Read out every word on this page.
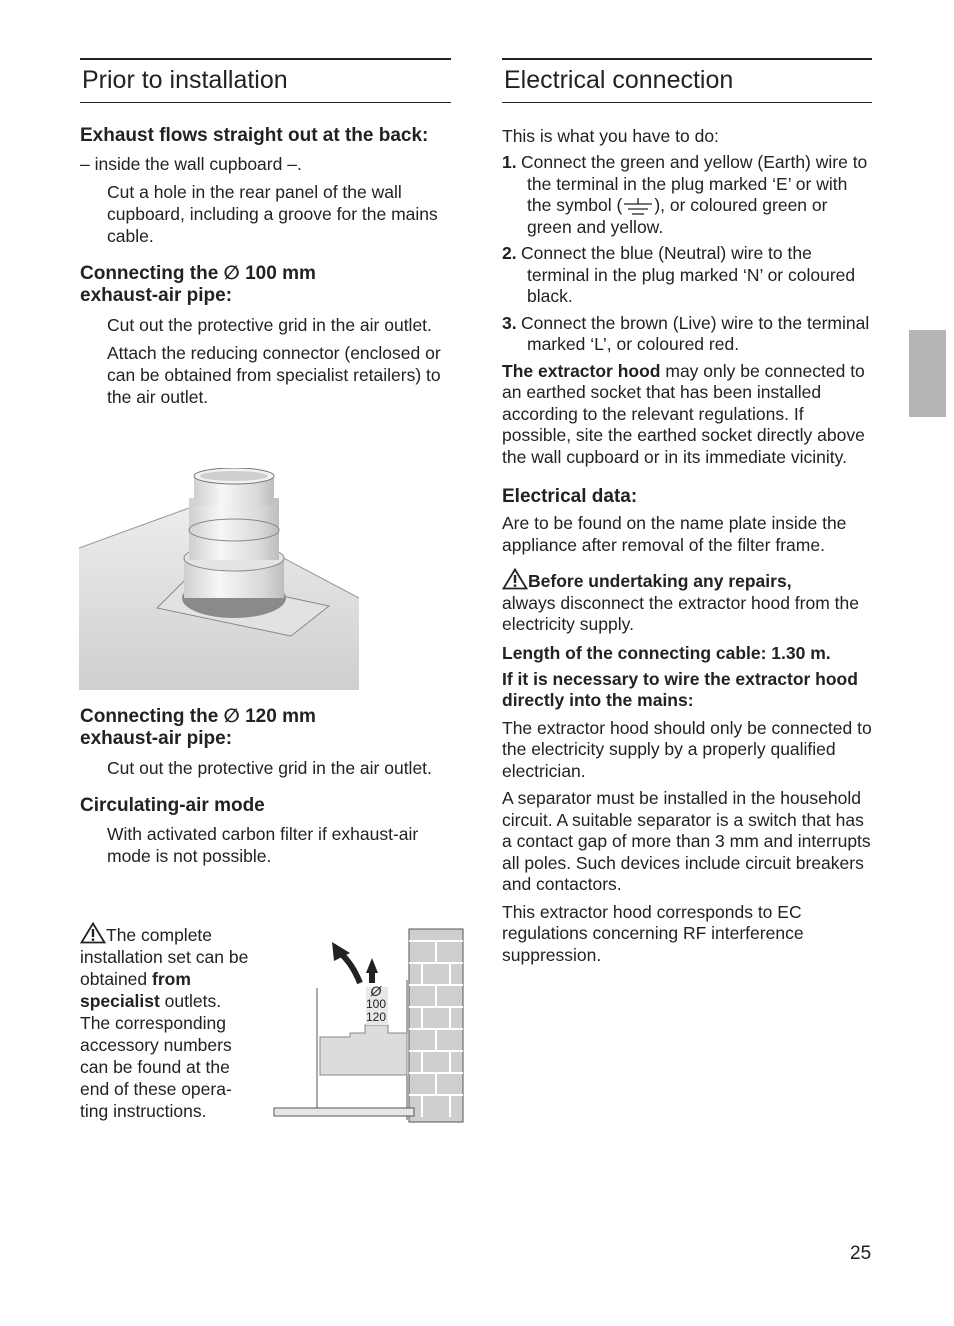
Prior to installation

Exhaust flows straight out at the back:

– inside the wall cupboard –.

Cut a hole in the rear panel of the wall cupboard, including a groove for the mains cable.

Connecting the ∅ 100 mm
exhaust-air pipe:

Cut out the protective grid in the air outlet.

Attach the reducing connector (enclosed or can be obtained from specialist retailers) to the air outlet.

Connecting the ∅ 120 mm
exhaust-air pipe:

Cut out the protective grid in the air outlet.

Circulating-air mode

With activated carbon filter if exhaust-air mode is not possible.

The complete installation set can be obtained from specialist outlets. The corresponding accessory numbers can be found at the end of these operating instructions.

Ø
100
120
Electrical connection

This is what you have to do:

1. Connect the green and yellow (Earth) wire to the terminal in the plug marked ‘E’ or with the symbol ( ), or coloured green or green and yellow.
2. Connect the blue (Neutral) wire to the terminal in the plug marked ‘N’ or coloured black.
3. Connect the brown (Live) wire to the terminal marked ‘L’, or coloured red.

The extractor hood may only be connected to an earthed socket that has been installed according to the relevant regulations. If possible, site the earthed socket directly above the wall cupboard or in its immediate vicinity.

Electrical data:

Are to be found on the name plate inside the appliance after removal of the filter frame.

Before undertaking any repairs,
always disconnect the extractor hood from the electricity supply.

Length of the connecting cable: 1.30 m.

If it is necessary to wire the extractor hood directly into the mains:

The extractor hood should only be connected to the electricity supply by a properly qualified electrician.

A separator must be installed in the household circuit. A suitable separator is a switch that has a contact gap of more than 3 mm and interrupts all poles. Such devices include circuit breakers and contactors.

This extractor hood corresponds to EC regulations concerning RF interference suppression.

25
